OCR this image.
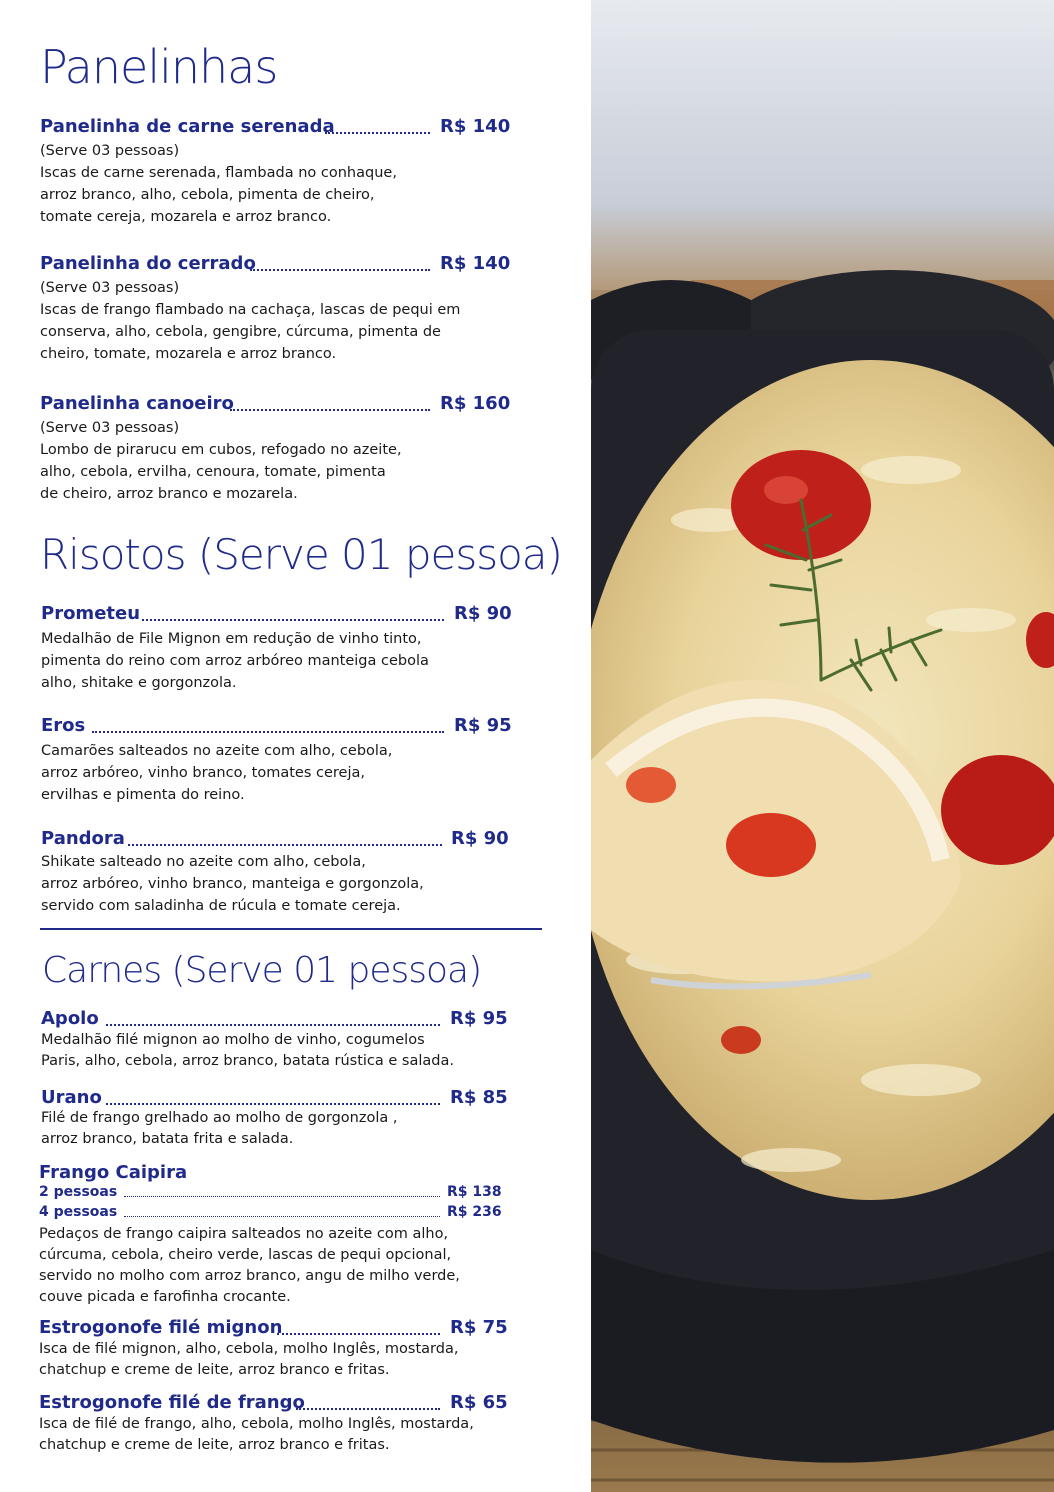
Panelinhas
Panelinha de carne serenada	R$ 140
(Serve 03 pessoas)
Iscas de carne serenada, flambada no conhaque,
arroz branco, alho, cebola, pimenta de cheiro,
tomate cereja, mozarela e arroz branco.
Panelinha do cerrado	R$ 140
(Serve 03 pessoas)
Iscas de frango flambado na cachaça, lascas de pequi em
conserva, alho, cebola, gengibre, cúrcuma, pimenta de
cheiro, tomate, mozarela e arroz branco.
Panelinha canoeiro	R$ 160
(Serve 03 pessoas)
Lombo de pirarucu em cubos, refogado no azeite,
alho, cebola, ervilha, cenoura, tomate, pimenta
de cheiro, arroz branco e mozarela.
Risotos (Serve 01 pessoa)
Prometeu	R$ 90
Medalhão de File Mignon em redução de vinho tinto,
pimenta do reino com arroz arbóreo manteiga cebola
alho, shitake e gorgonzola.
Eros	R$ 95
Camarões salteados no azeite com alho, cebola,
arroz arbóreo, vinho branco, tomates cereja,
ervilhas e pimenta do reino.
Pandora	R$ 90
Shikate salteado no azeite com alho, cebola,
arroz arbóreo, vinho branco, manteiga e gorgonzola,
servido com saladinha de rúcula e tomate cereja.
Carnes (Serve 01 pessoa)
Apolo	R$ 95
Medalhão filé mignon ao molho de vinho, cogumelos
Paris, alho, cebola, arroz branco, batata rústica e salada.
Urano	R$ 85
Filé de frango grelhado ao molho de gorgonzola ,
arroz branco, batata frita e salada.
Frango Caipira
2 pessoas	R$ 138
4 pessoas	R$ 236
Pedaços de frango caipira salteados no azeite com alho,
cúrcuma, cebola, cheiro verde, lascas de pequi opcional,
servido no molho com arroz branco, angu de milho verde,
couve picada e farofinha crocante.
Estrogonofe filé mignon	R$ 75
Isca de filé mignon, alho, cebola, molho Inglês, mostarda,
chatchup e creme de leite, arroz branco e fritas.
Estrogonofe filé de frango	R$ 65
Isca de filé de frango, alho, cebola, molho Inglês, mostarda,
chatchup e creme de leite, arroz branco e fritas.
